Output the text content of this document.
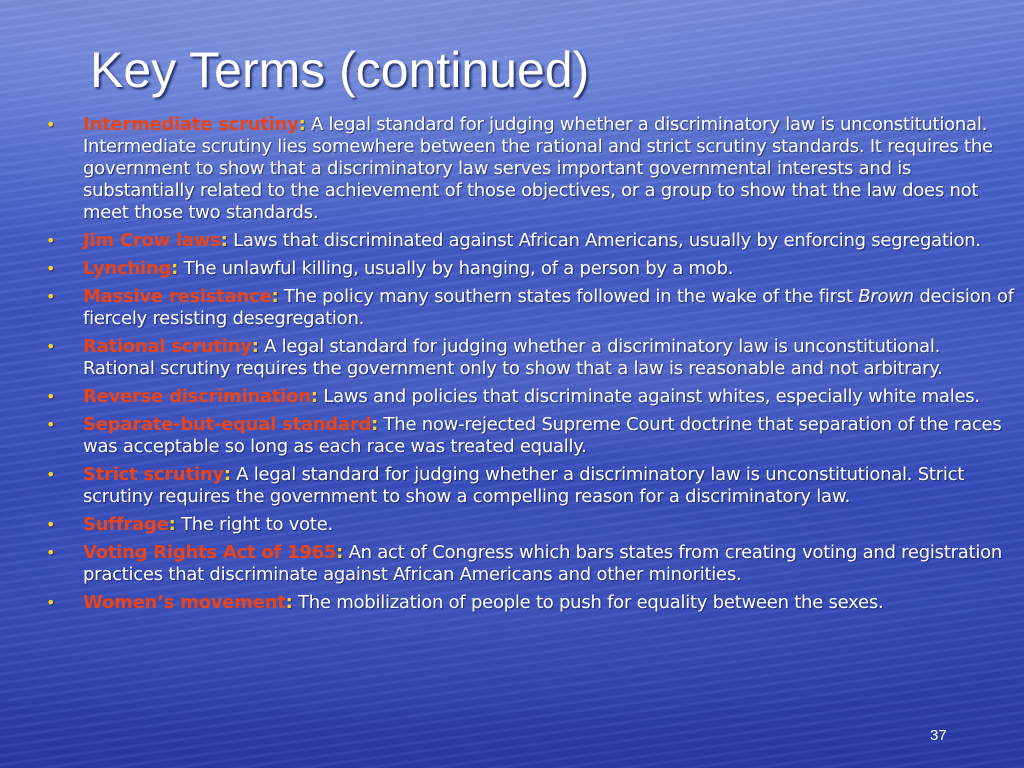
Key Terms (continued)
• Intermediate scrutiny: A legal standard for judging whether a discriminatory law is unconstitutional. Intermediate scrutiny lies somewhere between the rational and strict scrutiny standards. It requires the government to show that a discriminatory law serves important governmental interests and is substantially related to the achievement of those objectives, or a group to show that the law does not meet those two standards.
• Jim Crow laws: Laws that discriminated against African Americans, usually by enforcing segregation.
• Lynching: The unlawful killing, usually by hanging, of a person by a mob.
• Massive resistance: The policy many southern states followed in the wake of the first Brown decision of fiercely resisting desegregation.
• Rational scrutiny: A legal standard for judging whether a discriminatory law is unconstitutional. Rational scrutiny requires the government only to show that a law is reasonable and not arbitrary.
• Reverse discrimination: Laws and policies that discriminate against whites, especially white males.
• Separate-but-equal standard: The now-rejected Supreme Court doctrine that separation of the races was acceptable so long as each race was treated equally.
• Strict scrutiny: A legal standard for judging whether a discriminatory law is unconstitutional. Strict scrutiny requires the government to show a compelling reason for a discriminatory law.
• Suffrage: The right to vote.
• Voting Rights Act of 1965: An act of Congress which bars states from creating voting and registration practices that discriminate against African Americans and other minorities.
• Women’s movement: The mobilization of people to push for equality between the sexes.
37
